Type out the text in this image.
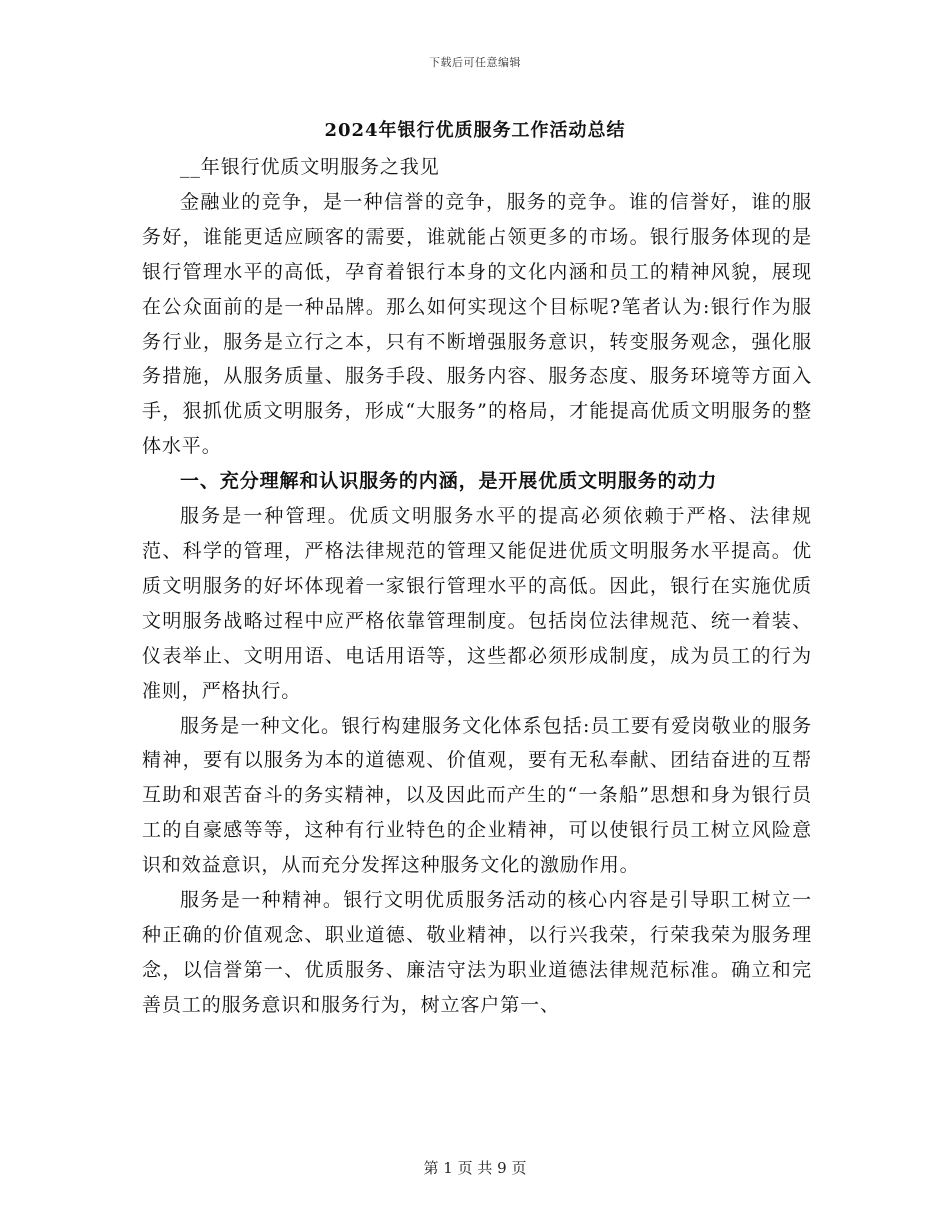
下载后可任意编辑
2024年银行优质服务工作活动总结

__年银行优质文明服务之我见

金融业的竞争，是一种信誉的竞争，服务的竞争。谁的信誉好，谁的服务好，谁能更适应顾客的需要，谁就能占领更多的市场。银行服务体现的是银行管理水平的高低，孕育着银行本身的文化内涵和员工的精神风貌，展现在公众面前的是一种品牌。那么如何实现这个目标呢?笔者认为:银行作为服务行业，服务是立行之本，只有不断增强服务意识，转变服务观念，强化服务措施，从服务质量、服务手段、服务内容、服务态度、服务环境等方面入手，狠抓优质文明服务，形成“大服务”的格局，才能提高优质文明服务的整体水平。

一、充分理解和认识服务的内涵，是开展优质文明服务的动力

服务是一种管理。优质文明服务水平的提高必须依赖于严格、法律规范、科学的管理，严格法律规范的管理又能促进优质文明服务水平提高。优质文明服务的好坏体现着一家银行管理水平的高低。因此，银行在实施优质文明服务战略过程中应严格依靠管理制度。包括岗位法律规范、统一着装、仪表举止、文明用语、电话用语等，这些都必须形成制度，成为员工的行为准则，严格执行。

服务是一种文化。银行构建服务文化体系包括:员工要有爱岗敬业的服务精神，要有以服务为本的道德观、价值观，要有无私奉献、团结奋进的互帮互助和艰苦奋斗的务实精神，以及因此而产生的“一条船”思想和身为银行员工的自豪感等等，这种有行业特色的企业精神，可以使银行员工树立风险意识和效益意识，从而充分发挥这种服务文化的激励作用。

服务是一种精神。银行文明优质服务活动的核心内容是引导职工树立一种正确的价值观念、职业道德、敬业精神，以行兴我荣，行荣我荣为服务理念，以信誉第一、优质服务、廉洁守法为职业道德法律规范标准。确立和完善员工的服务意识和服务行为，树立客户第一、

第 1 页 共 9 页
